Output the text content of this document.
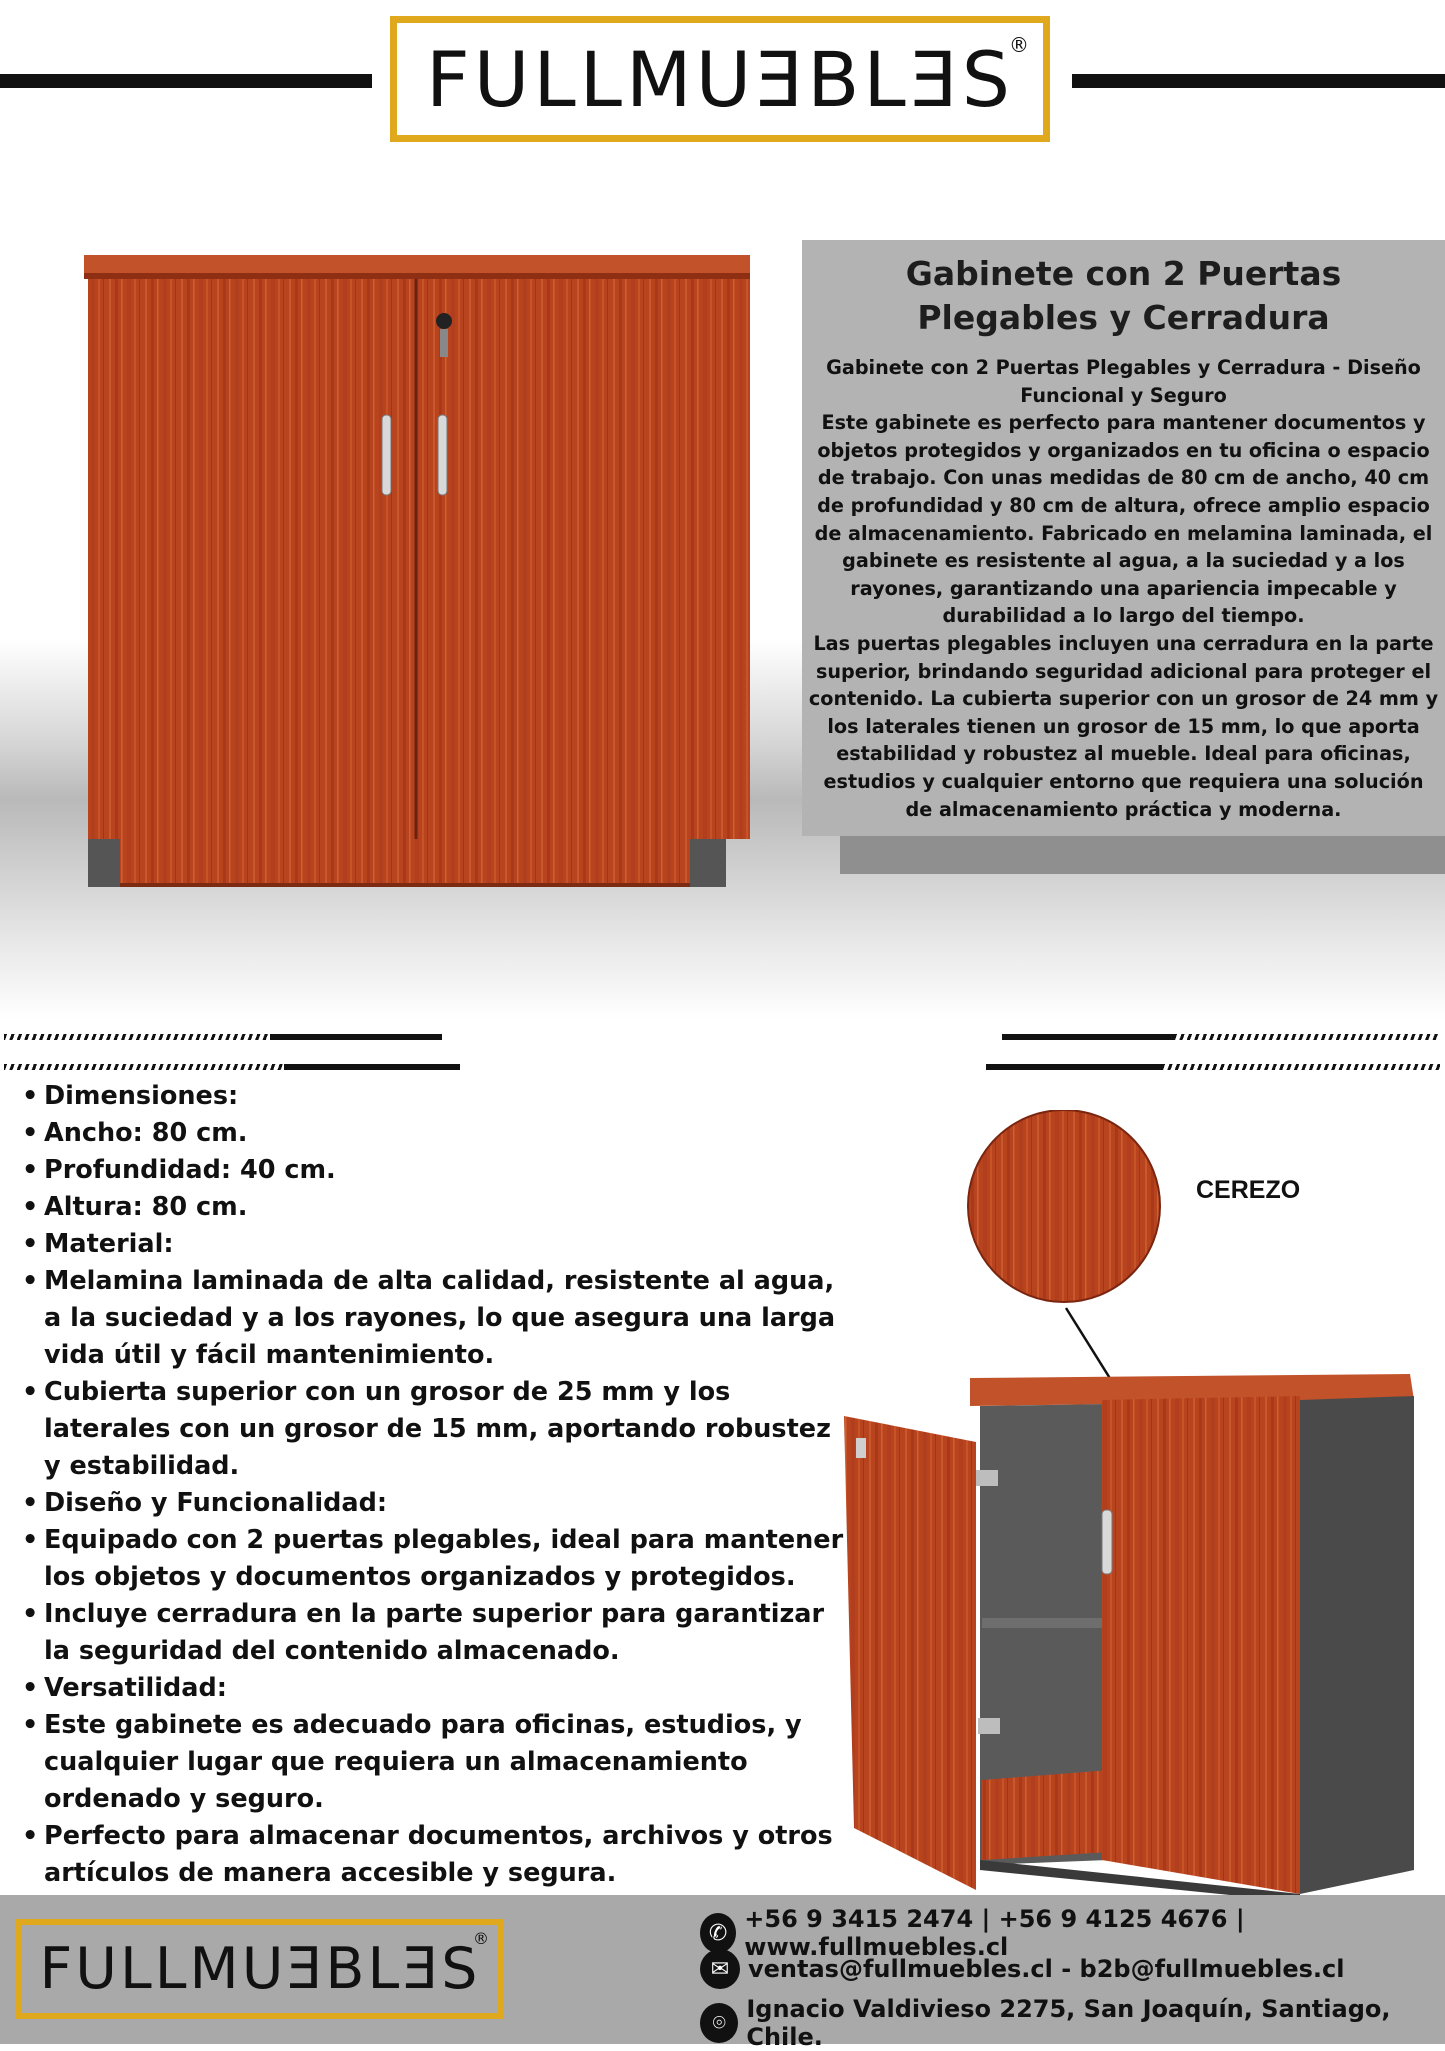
FULLMUƎBLƎS
®
Gabinete con 2 Puertas Plegables y Cerradura

Gabinete con 2 Puertas Plegables y Cerradura - Diseño Funcional y Seguro

Este gabinete es perfecto para mantener documentos y objetos protegidos y organizados en tu oficina o espacio de trabajo. Con unas medidas de 80 cm de ancho, 40 cm de profundidad y 80 cm de altura, ofrece amplio espacio de almacenamiento. Fabricado en melamina laminada, el gabinete es resistente al agua, a la suciedad y a los rayones, garantizando una apariencia impecable y durabilidad a lo largo del tiempo.

Las puertas plegables incluyen una cerradura en la parte superior, brindando seguridad adicional para proteger el contenido. La cubierta superior con un grosor de 24 mm y los laterales tienen un grosor de 15 mm, lo que aporta estabilidad y robustez al mueble. Ideal para oficinas, estudios y cualquier entorno que requiera una solución de almacenamiento práctica y moderna.

• Dimensiones:
• Ancho: 80 cm.
• Profundidad: 40 cm.
• Altura: 80 cm.
• Material:
• Melamina laminada de alta calidad, resistente al agua, a la suciedad y a los rayones, lo que asegura una larga vida útil y fácil mantenimiento.
• Cubierta superior con un grosor de 25 mm y los laterales con un grosor de 15 mm, aportando robustez y estabilidad.
• Diseño y Funcionalidad:
• Equipado con 2 puertas plegables, ideal para mantener los objetos y documentos organizados y protegidos.
• Incluye cerradura en la parte superior para garantizar la seguridad del contenido almacenado.
• Versatilidad:
• Este gabinete es adecuado para oficinas, estudios, y cualquier lugar que requiera un almacenamiento ordenado y seguro.
• Perfecto para almacenar documentos, archivos y otros artículos de manera accesible y segura.
•
CEREZO
FULLMUƎBLƎS
®	✆ +56 9 3415 2474 | +56 9 4125 4676 | www.fullmuebles.cl
✉ ventas@fullmuebles.cl - b2b@fullmuebles.cl
⌾ Ignacio Valdivieso 2275, San Joaquín, Santiago, Chile.
